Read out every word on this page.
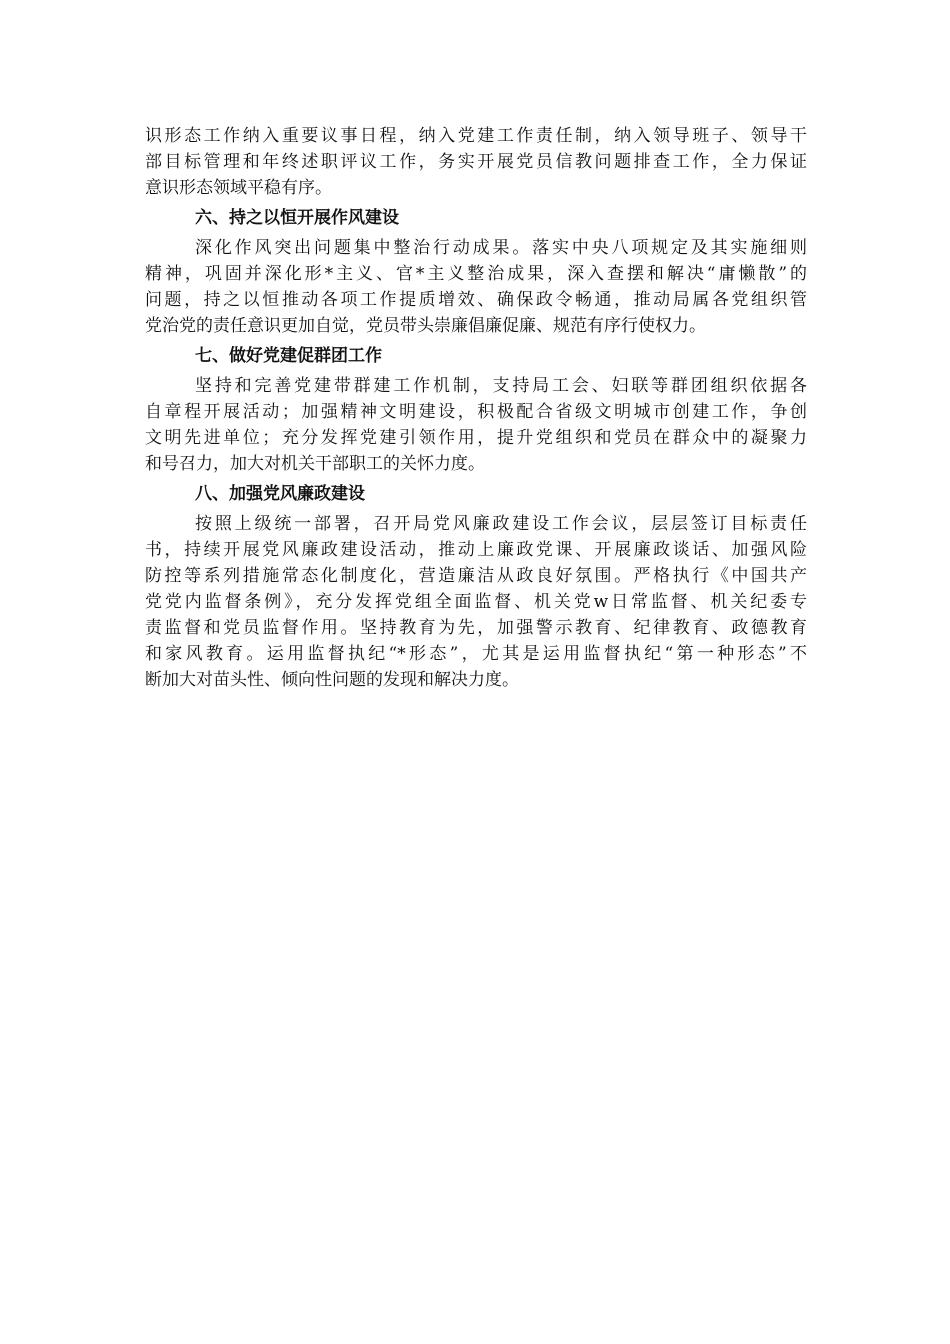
识形态工作纳入重要议事日程，纳入党建工作责任制，纳入领导班子、领导干
部目标管理和年终述职评议工作，务实开展党员信教问题排查工作，全力保证
意识形态领域平稳有序。
六、持之以恒开展作风建设
深化作风突出问题集中整治行动成果。落实中央八项规定及其实施细则
精神，巩固并深化形*主义、官*主义整治成果，深入查摆和解决“庸懒散”的
问题，持之以恒推动各项工作提质增效、确保政令畅通，推动局属各党组织管
党治党的责任意识更加自觉，党员带头崇廉倡廉促廉、规范有序行使权力。
七、做好党建促群团工作
坚持和完善党建带群建工作机制，支持局工会、妇联等群团组织依据各
自章程开展活动；加强精神文明建设，积极配合省级文明城市创建工作，争创
文明先进单位；充分发挥党建引领作用，提升党组织和党员在群众中的凝聚力
和号召力，加大对机关干部职工的关怀力度。
八、加强党风廉政建设
按照上级统一部署，召开局党风廉政建设工作会议，层层签订目标责任
书，持续开展党风廉政建设活动，推动上廉政党课、开展廉政谈话、加强风险
防控等系列措施常态化制度化，营造廉洁从政良好氛围。严格执行《中国共产
党党内监督条例》，充分发挥党组全面监督、机关党w日常监督、机关纪委专
责监督和党员监督作用。坚持教育为先，加强警示教育、纪律教育、政德教育
和家风教育。运用监督执纪“*形态”，尤其是运用监督执纪“第一种形态”不
断加大对苗头性、倾向性问题的发现和解决力度。
